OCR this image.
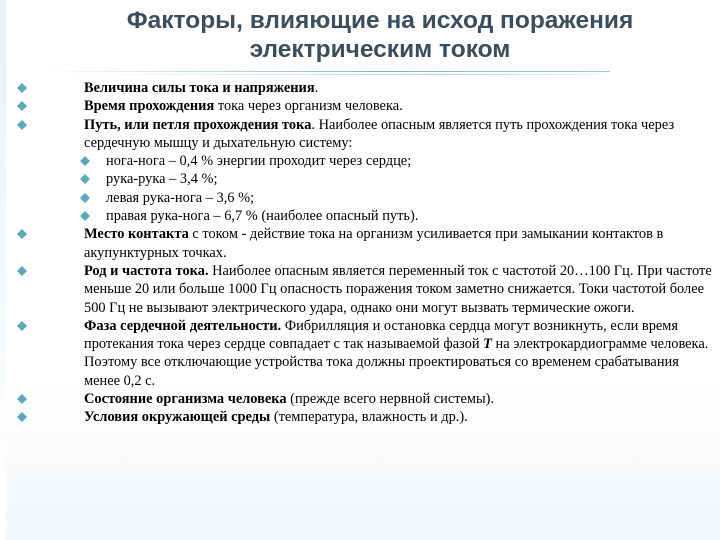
Факторы, влияющие на исход поражения
электрическим током
Величина силы тока и напряжения.
Время прохождения тока через организм человека.
Путь, или петля прохождения тока. Наиболее опасным является путь прохождения тока через сердечную мышцу и дыхательную систему:
нога-нога – 0,4 % энергии проходит через сердце;
рука-рука – 3,4 %;
левая рука-нога – 3,6 %;
правая рука-нога – 6,7 % (наиболее опасный путь).
Место контакта с током - действие тока на организм усиливается при замыкании контактов в акупунктурных точках.
Род и частота тока. Наиболее опасным является переменный ток с частотой 20…100 Гц. При частоте меньше 20 или больше 1000 Гц опасность поражения током заметно снижается. Токи частотой более 500 Гц не вызывают электрического удара, однако они могут вызвать термические ожоги.
Фаза сердечной деятельности. Фибрилляция и остановка сердца могут возникнуть, если время протекания тока через сердце совпадает с так называемой фазой T на электрокардиограмме человека. Поэтому все отключающие устройства тока должны проектироваться со временем срабатывания менее 0,2 с.
Состояние организма человека (прежде всего нервной системы).
Условия окружающей среды (температура, влажность и др.).
